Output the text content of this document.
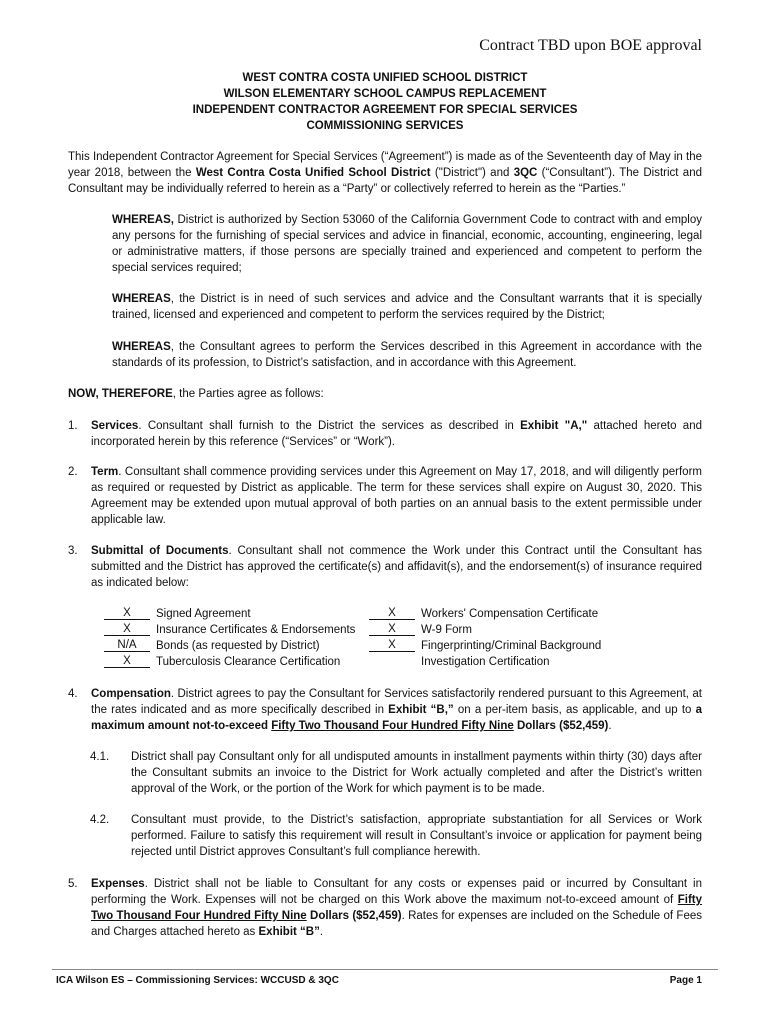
Contract TBD upon BOE approval
WEST CONTRA COSTA UNIFIED SCHOOL DISTRICT
WILSON ELEMENTARY SCHOOL CAMPUS REPLACEMENT
INDEPENDENT CONTRACTOR AGREEMENT FOR SPECIAL SERVICES
COMMISSIONING SERVICES
This Independent Contractor Agreement for Special Services (“Agreement”) is made as of the Seventeenth day of May in the year 2018, between the West Contra Costa Unified School District ("District") and 3QC (“Consultant”). The District and Consultant may be individually referred to herein as a “Party” or collectively referred to herein as the “Parties.”
WHEREAS, District is authorized by Section 53060 of the California Government Code to contract with and employ any persons for the furnishing of special services and advice in financial, economic, accounting, engineering, legal or administrative matters, if those persons are specially trained and experienced and competent to perform the special services required;
WHEREAS, the District is in need of such services and advice and the Consultant warrants that it is specially trained, licensed and experienced and competent to perform the services required by the District;
WHEREAS, the Consultant agrees to perform the Services described in this Agreement in accordance with the standards of its profession, to District’s satisfaction, and in accordance with this Agreement.
NOW, THEREFORE, the Parties agree as follows:
1. Services. Consultant shall furnish to the District the services as described in Exhibit "A," attached hereto and incorporated herein by this reference (“Services” or “Work”).
2. Term. Consultant shall commence providing services under this Agreement on May 17, 2018, and will diligently perform as required or requested by District as applicable. The term for these services shall expire on August 30, 2020. This Agreement may be extended upon mutual approval of both parties on an annual basis to the extent permissible under applicable law.
3. Submittal of Documents. Consultant shall not commence the Work under this Contract until the Consultant has submitted and the District has approved the certificate(s) and affidavit(s), and the endorsement(s) of insurance required as indicated below:
X	Signed Agreement
X	Insurance Certificates & Endorsements
N/A	Bonds (as requested by District)
X	Tuberculosis Clearance Certification
X	Workers' Compensation Certificate
X	W-9 Form
X	Fingerprinting/Criminal Background
Investigation Certification
4. Compensation. District agrees to pay the Consultant for Services satisfactorily rendered pursuant to this Agreement, at the rates indicated and as more specifically described in Exhibit “B,” on a per-item basis, as applicable, and up to a maximum amount not-to-exceed Fifty Two Thousand Four Hundred Fifty Nine Dollars ($52,459).
4.1. District shall pay Consultant only for all undisputed amounts in installment payments within thirty (30) days after the Consultant submits an invoice to the District for Work actually completed and after the District’s written approval of the Work, or the portion of the Work for which payment is to be made.
4.2. Consultant must provide, to the District’s satisfaction, appropriate substantiation for all Services or Work performed. Failure to satisfy this requirement will result in Consultant’s invoice or application for payment being rejected until District approves Consultant’s full compliance herewith.
5. Expenses. District shall not be liable to Consultant for any costs or expenses paid or incurred by Consultant in performing the Work. Expenses will not be charged on this Work above the maximum not-to-exceed amount of Fifty Two Thousand Four Hundred Fifty Nine Dollars ($52,459). Rates for expenses are included on the Schedule of Fees and Charges attached hereto as Exhibit “B”.
ICA Wilson ES – Commissioning Services: WCCUSD & 3QC	Page 1
